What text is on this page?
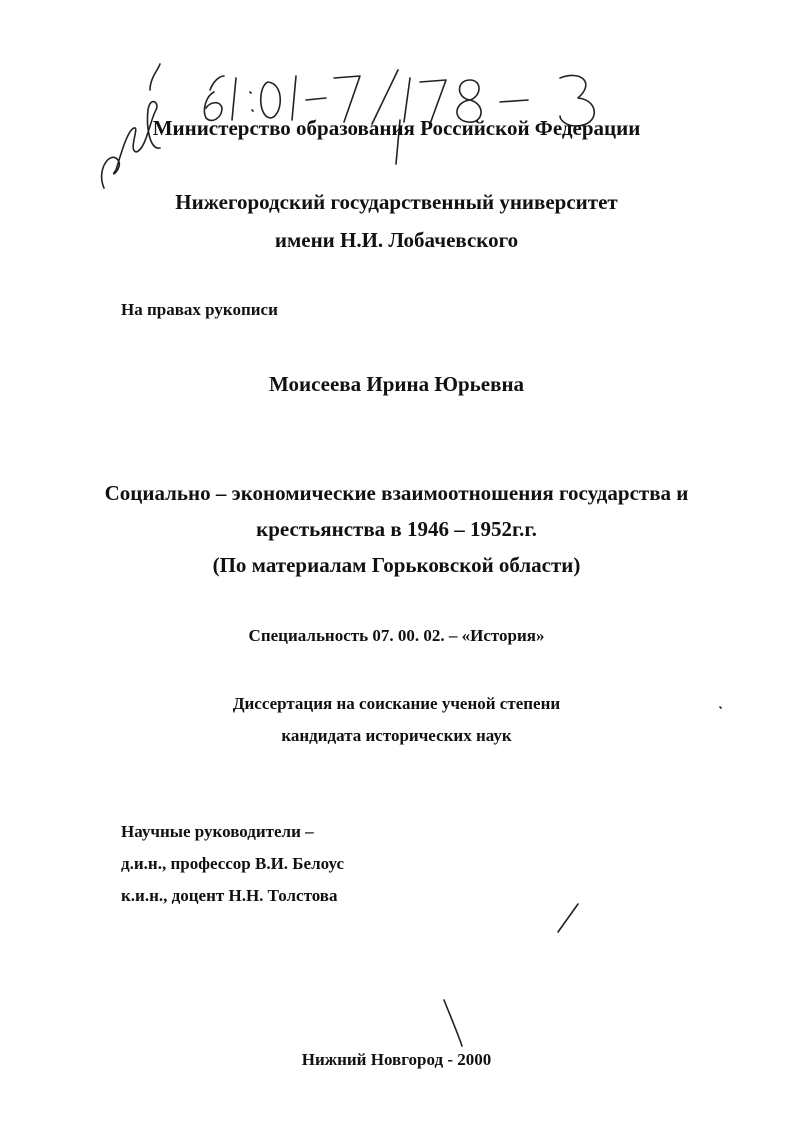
Министерство образования Российской Федерации
Нижегородский государственный университет
имени Н.И. Лобачевского
На правах рукописи
Моисеева Ирина Юрьевна
Социально – экономические взаимоотношения государства и
крестьянства в 1946 – 1952г.г.
(По материалам Горьковской области)
Специальность 07. 00. 02. – «История»
Диссертация на соискание ученой степени
кандидата исторических наук
Научные руководители –
д.и.н., профессор В.И. Белоус
к.и.н., доцент Н.Н. Толстова
Нижний Новгород - 2000
